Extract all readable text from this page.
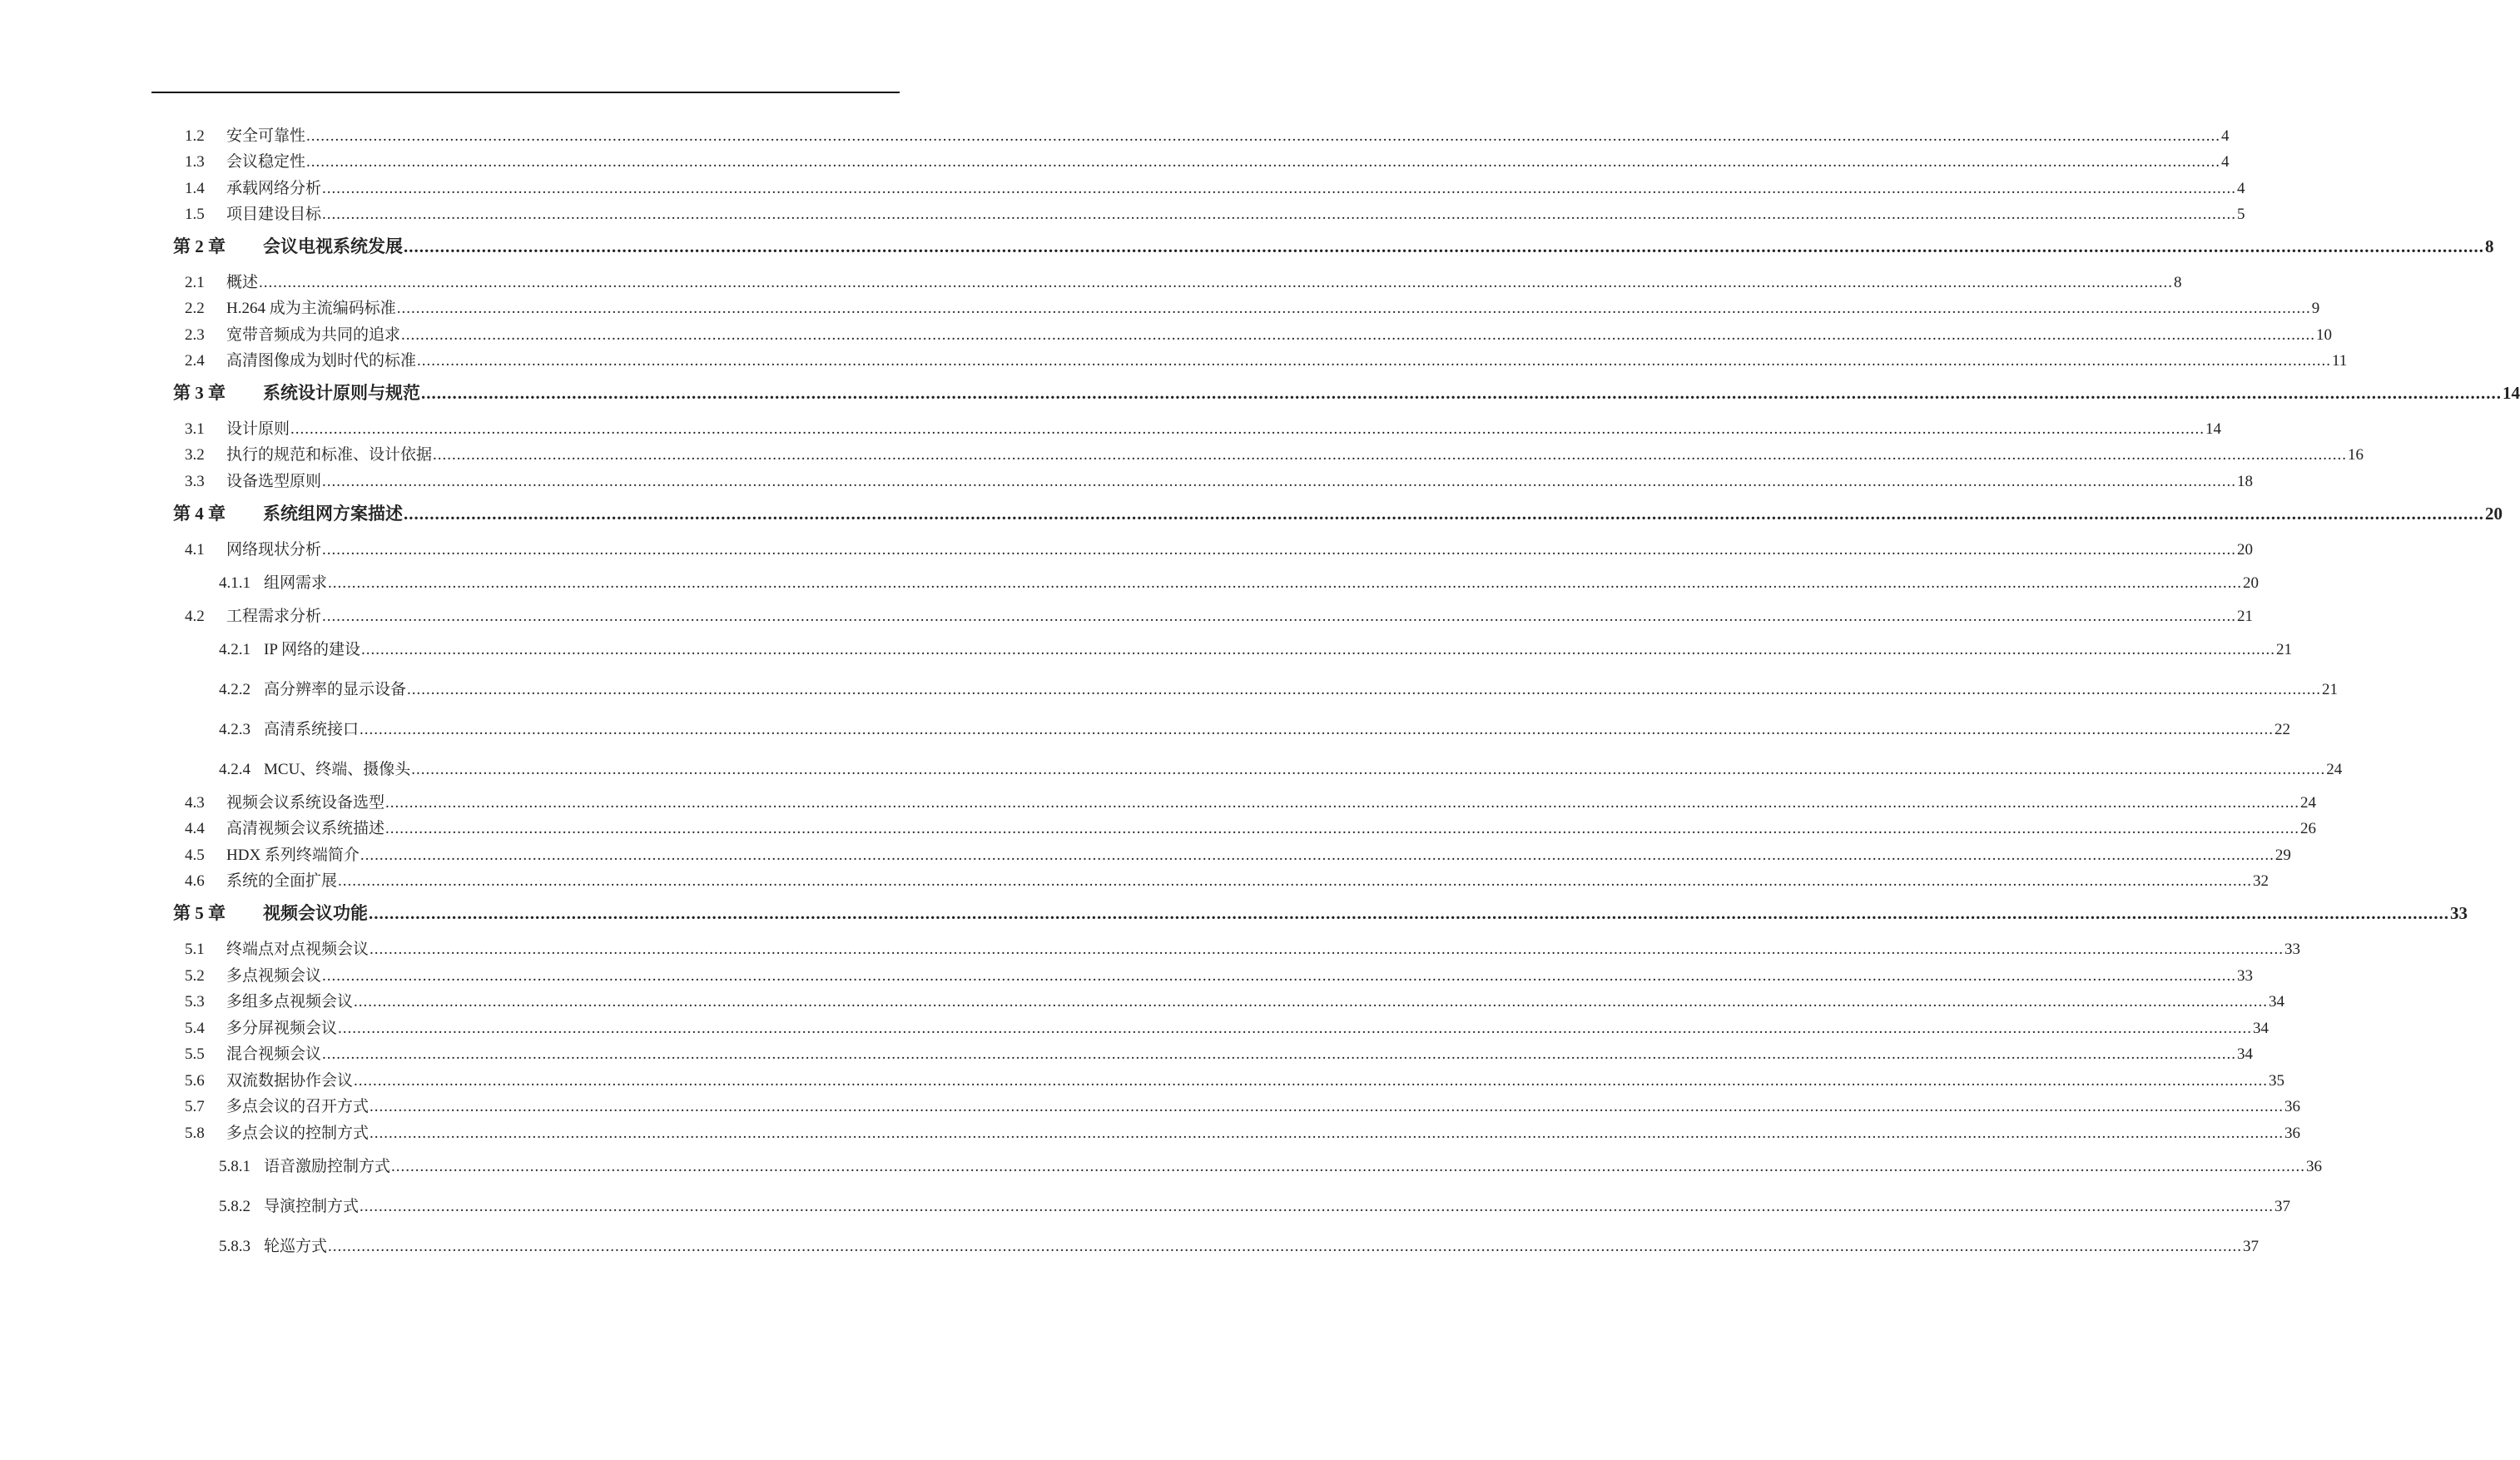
1.2	安全可靠性 ................................................................................................................................................................................................................................................................................................................................................................................................................ 4
1.3	会议稳定性 ................................................................................................................................................................................................................................................................................................................................................................................................................ 4
1.4	承载网络分析 ................................................................................................................................................................................................................................................................................................................................................................................................................ 4
1.5	项目建设目标 ................................................................................................................................................................................................................................................................................................................................................................................................................ 5
第 2 章	会议电视系统发展 ................................................................................................................................................................................................................................................................................................................................................................................................................ 8
2.1	概述 ................................................................................................................................................................................................................................................................................................................................................................................................................ 8
2.2	H.264 成为主流编码标准 ................................................................................................................................................................................................................................................................................................................................................................................................................ 9
2.3	宽带音频成为共同的追求 ................................................................................................................................................................................................................................................................................................................................................................................................................ 10
2.4	高清图像成为划时代的标准 ................................................................................................................................................................................................................................................................................................................................................................................................................ 11
第 3 章	系统设计原则与规范 ................................................................................................................................................................................................................................................................................................................................................................................................................ 14
3.1	设计原则 ................................................................................................................................................................................................................................................................................................................................................................................................................ 14
3.2	执行的规范和标准、设计依据 ................................................................................................................................................................................................................................................................................................................................................................................................................ 16
3.3	设备选型原则 ................................................................................................................................................................................................................................................................................................................................................................................................................ 18
第 4 章	系统组网方案描述 ................................................................................................................................................................................................................................................................................................................................................................................................................ 20
4.1	网络现状分析 ................................................................................................................................................................................................................................................................................................................................................................................................................ 20
4.1.1 组网需求 ................................................................................................................................................................................................................................................................................................................................................................................................................ 20
4.2	工程需求分析 ................................................................................................................................................................................................................................................................................................................................................................................................................ 21
4.2.1 IP 网络的建设 ................................................................................................................................................................................................................................................................................................................................................................................................................ 21
4.2.2 高分辨率的显示设备 ................................................................................................................................................................................................................................................................................................................................................................................................................ 21
4.2.3 高清系统接口 ................................................................................................................................................................................................................................................................................................................................................................................................................ 22
4.2.4 MCU、终端、摄像头 ................................................................................................................................................................................................................................................................................................................................................................................................................ 24
4.3	视频会议系统设备选型 ................................................................................................................................................................................................................................................................................................................................................................................................................ 24
4.4	高清视频会议系统描述 ................................................................................................................................................................................................................................................................................................................................................................................................................ 26
4.5	HDX 系列终端简介 ................................................................................................................................................................................................................................................................................................................................................................................................................ 29
4.6	系统的全面扩展 ................................................................................................................................................................................................................................................................................................................................................................................................................ 32
第 5 章	视频会议功能 ................................................................................................................................................................................................................................................................................................................................................................................................................ 33
5.1	终端点对点视频会议 ................................................................................................................................................................................................................................................................................................................................................................................................................ 33
5.2	多点视频会议 ................................................................................................................................................................................................................................................................................................................................................................................................................ 33
5.3	多组多点视频会议 ................................................................................................................................................................................................................................................................................................................................................................................................................ 34
5.4	多分屏视频会议 ................................................................................................................................................................................................................................................................................................................................................................................................................ 34
5.5	混合视频会议 ................................................................................................................................................................................................................................................................................................................................................................................................................ 34
5.6	双流数据协作会议 ................................................................................................................................................................................................................................................................................................................................................................................................................ 35
5.7	多点会议的召开方式 ................................................................................................................................................................................................................................................................................................................................................................................................................ 36
5.8	多点会议的控制方式 ................................................................................................................................................................................................................................................................................................................................................................................................................ 36
5.8.1 语音激励控制方式 ................................................................................................................................................................................................................................................................................................................................................................................................................ 36
5.8.2 导演控制方式 ................................................................................................................................................................................................................................................................................................................................................................................................................ 37
5.8.3 轮巡方式 ................................................................................................................................................................................................................................................................................................................................................................................................................ 37
